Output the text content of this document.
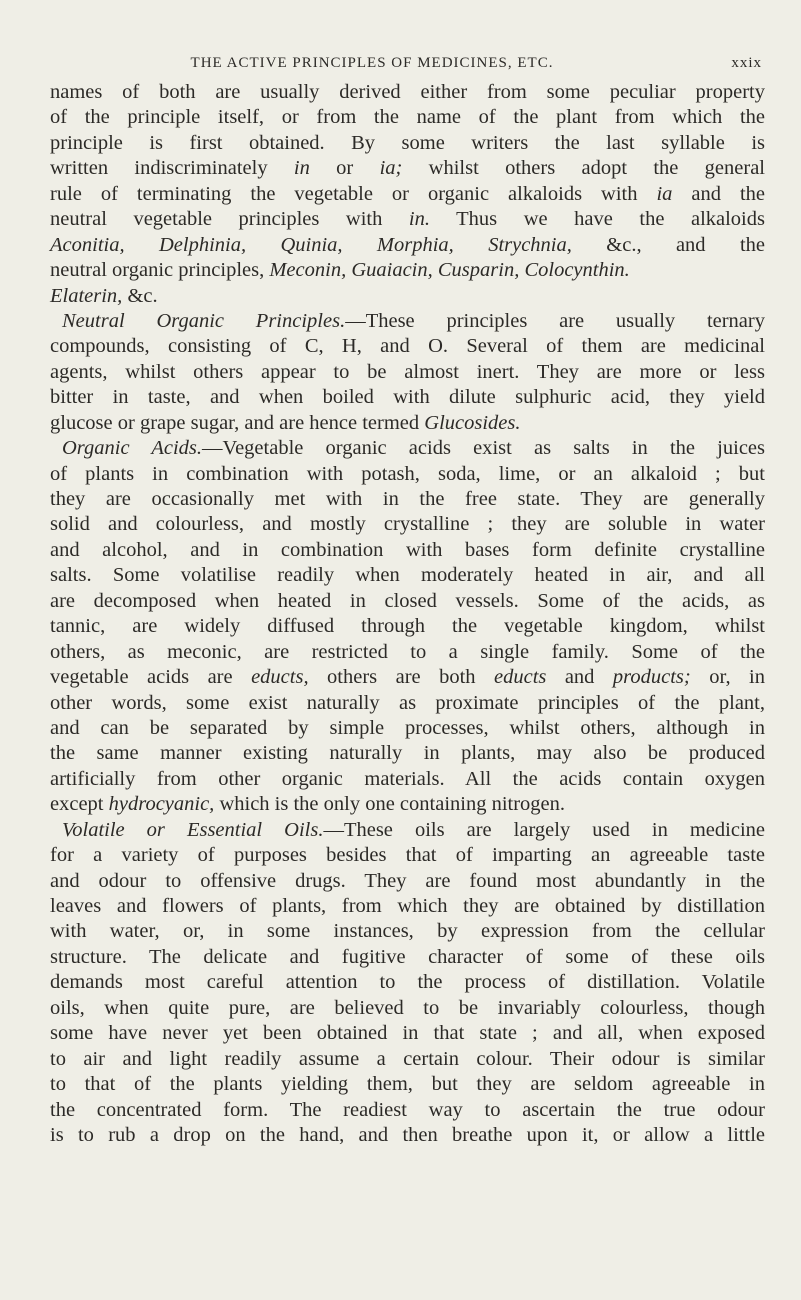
THE ACTIVE PRINCIPLES OF MEDICINES, ETC.	xxix
names of both are usually derived either from some peculiar property
of the principle itself, or from the name of the plant from which the
principle is first obtained. By some writers the last syllable is
written indiscriminately in or ia; whilst others adopt the general
rule of terminating the vegetable or organic alkaloids with ia and the
neutral vegetable principles with in. Thus we have the alkaloids
Aconitia, Delphinia, Quinia, Morphia, Strychnia, &c., and the
neutral organic principles, Meconin, Guaiacin, Cusparin, Colocynthin.
Elaterin, &c.
Neutral Organic Principles.—These principles are usually ternary
compounds, consisting of C, H, and O. Several of them are medicinal
agents, whilst others appear to be almost inert. They are more or less
bitter in taste, and when boiled with dilute sulphuric acid, they yield
glucose or grape sugar, and are hence termed Glucosides.
Organic Acids.—Vegetable organic acids exist as salts in the juices
of plants in combination with potash, soda, lime, or an alkaloid ; but
they are occasionally met with in the free state. They are generally
solid and colourless, and mostly crystalline ; they are soluble in water
and alcohol, and in combination with bases form definite crystalline
salts. Some volatilise readily when moderately heated in air, and all
are decomposed when heated in closed vessels. Some of the acids, as
tannic, are widely diffused through the vegetable kingdom, whilst
others, as meconic, are restricted to a single family. Some of the
vegetable acids are educts, others are both educts and products; or, in
other words, some exist naturally as proximate principles of the plant,
and can be separated by simple processes, whilst others, although in
the same manner existing naturally in plants, may also be produced
artificially from other organic materials. All the acids contain oxygen
except hydrocyanic, which is the only one containing nitrogen.
Volatile or Essential Oils.—These oils are largely used in medicine
for a variety of purposes besides that of imparting an agreeable taste
and odour to offensive drugs. They are found most abundantly in the
leaves and flowers of plants, from which they are obtained by distillation
with water, or, in some instances, by expression from the cellular
structure. The delicate and fugitive character of some of these oils
demands most careful attention to the process of distillation. Volatile
oils, when quite pure, are believed to be invariably colourless, though
some have never yet been obtained in that state ; and all, when exposed
to air and light readily assume a certain colour. Their odour is similar
to that of the plants yielding them, but they are seldom agreeable in
the concentrated form. The readiest way to ascertain the true odour
is to rub a drop on the hand, and then breathe upon it, or allow a little
